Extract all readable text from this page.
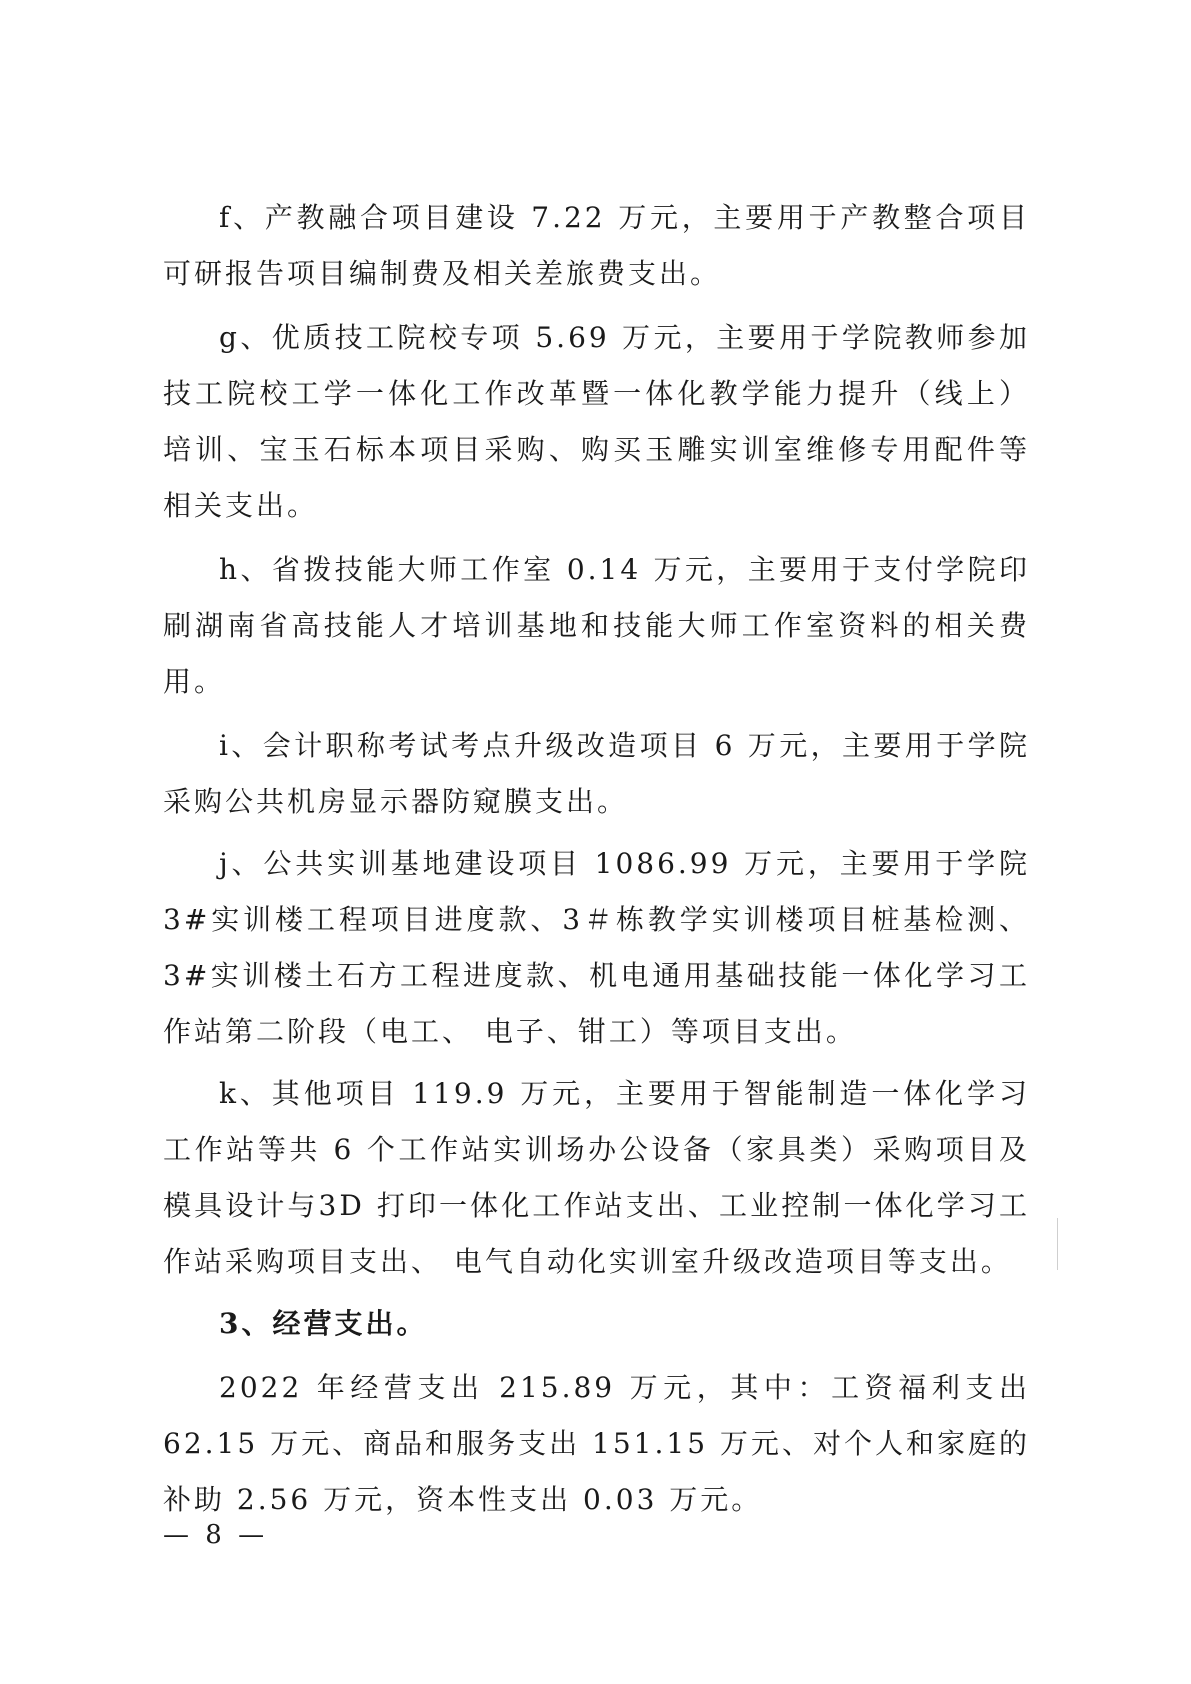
f、产教融合项目建设 7.22 万元，主要用于产教整合项目可研报告项目编制费及相关差旅费支出。

g、优质技工院校专项 5.69 万元，主要用于学院教师参加技工院校工学一体化工作改革暨一体化教学能力提升（线上）培训、宝玉石标本项目采购、购买玉雕实训室维修专用配件等相关支出。

h、省拨技能大师工作室 0.14 万元，主要用于支付学院印刷湖南省高技能人才培训基地和技能大师工作室资料的相关费用。

i、会计职称考试考点升级改造项目 6 万元，主要用于学院采购公共机房显示器防窥膜支出。

j、公共实训基地建设项目 1086.99 万元，主要用于学院 3#实训楼工程项目进度款、3＃栋教学实训楼项目桩基检测、3#实训楼土石方工程进度款、机电通用基础技能一体化学习工作站第二阶段（电工、 电子、钳工）等项目支出。

k、其他项目 119.9 万元，主要用于智能制造一体化学习工作站等共 6 个工作站实训场办公设备（家具类）采购项目及模具设计与3D 打印一体化工作站支出、工业控制一体化学习工作站采购项目支出、 电气自动化实训室升级改造项目等支出。

3、经营支出。

2022 年经营支出 215.89 万元，其中：工资福利支出 62.15 万元、商品和服务支出 151.15 万元、对个人和家庭的补助 2.56 万元，资本性支出 0.03 万元。

— 8 —
